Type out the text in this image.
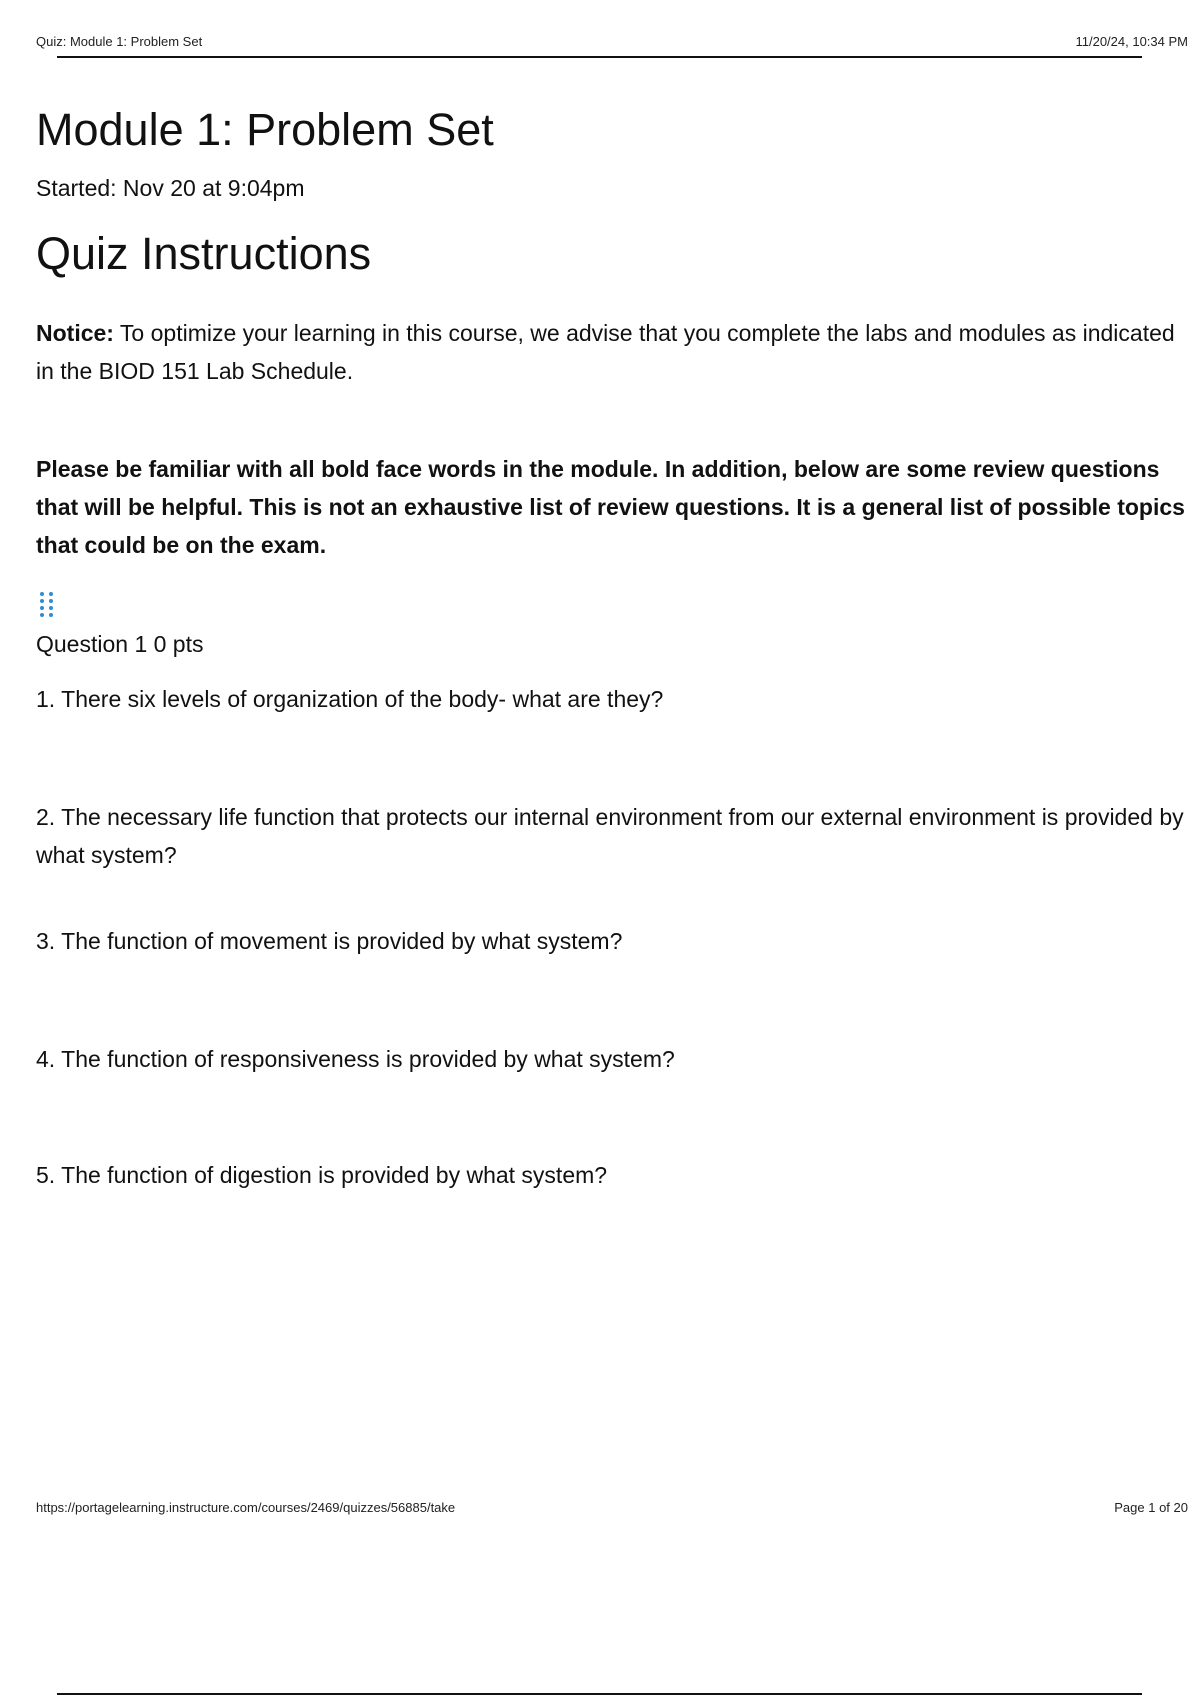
Quiz: Module 1: Problem Set	11/20/24, 10:34 PM
Module 1: Problem Set
Started: Nov 20 at 9:04pm
Quiz Instructions
Notice: To optimize your learning in this course, we advise that you complete the labs and modules as indicated in the BIOD 151 Lab Schedule.
Please be familiar with all bold face words in the module. In addition, below are some review questions that will be helpful. This is not an exhaustive list of review questions. It is a general list of possible topics that could be on the exam.
Question 1 0 pts
1. There six levels of organization of the body- what are they?
2. The necessary life function that protects our internal environment from our external environment is provided by what system?
3. The function of movement is provided by what system?
4. The function of responsiveness is provided by what system?
5. The function of digestion is provided by what system?
https://portagelearning.instructure.com/courses/2469/quizzes/56885/take	Page 1 of 20
